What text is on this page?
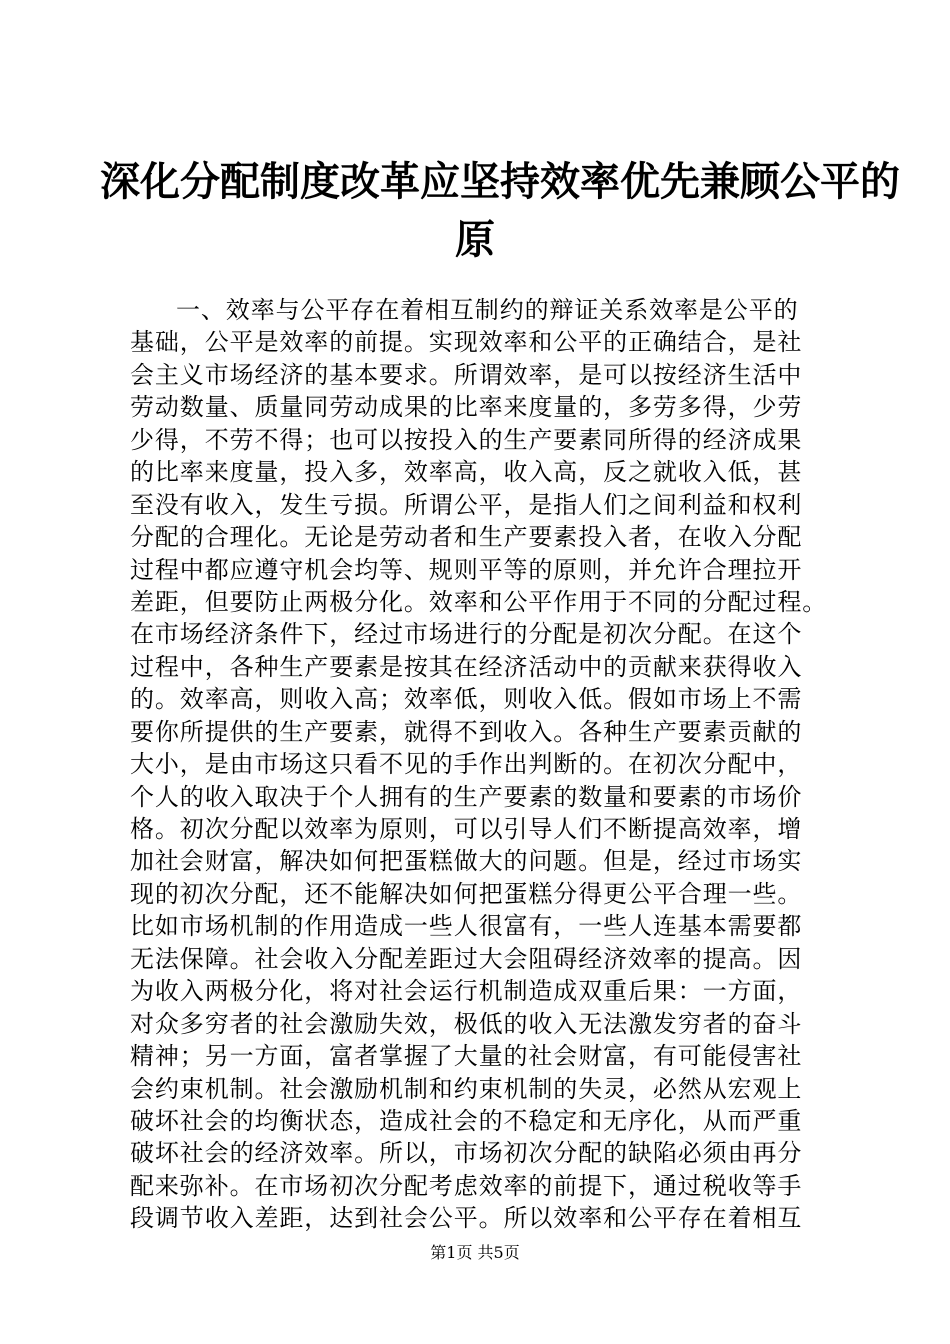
深化分配制度改革应坚持效率优先兼顾公平的
原
一、效率与公平存在着相互制约的辩证关系效率是公平的
基础，公平是效率的前提。实现效率和公平的正确结合，是社
会主义市场经济的基本要求。所谓效率，是可以按经济生活中
劳动数量、质量同劳动成果的比率来度量的，多劳多得，少劳
少得，不劳不得；也可以按投入的生产要素同所得的经济成果
的比率来度量，投入多，效率高，收入高，反之就收入低，甚
至没有收入，发生亏损。所谓公平，是指人们之间利益和权利
分配的合理化。无论是劳动者和生产要素投入者，在收入分配
过程中都应遵守机会均等、规则平等的原则，并允许合理拉开
差距，但要防止两极分化。效率和公平作用于不同的分配过程。
在市场经济条件下，经过市场进行的分配是初次分配。在这个
过程中，各种生产要素是按其在经济活动中的贡献来获得收入
的。效率高，则收入高；效率低，则收入低。假如市场上不需
要你所提供的生产要素，就得不到收入。各种生产要素贡献的
大小，是由市场这只看不见的手作出判断的。在初次分配中，
个人的收入取决于个人拥有的生产要素的数量和要素的市场价
格。初次分配以效率为原则，可以引导人们不断提高效率，增
加社会财富，解决如何把蛋糕做大的问题。但是，经过市场实
现的初次分配，还不能解决如何把蛋糕分得更公平合理一些。
比如市场机制的作用造成一些人很富有，一些人连基本需要都
无法保障。社会收入分配差距过大会阻碍经济效率的提高。因
为收入两极分化，将对社会运行机制造成双重后果：一方面，
对众多穷者的社会激励失效，极低的收入无法激发穷者的奋斗
精神；另一方面，富者掌握了大量的社会财富，有可能侵害社
会约束机制。社会激励机制和约束机制的失灵，必然从宏观上
破坏社会的均衡状态，造成社会的不稳定和无序化，从而严重
破坏社会的经济效率。所以，市场初次分配的缺陷必须由再分
配来弥补。在市场初次分配考虑效率的前提下，通过税收等手
段调节收入差距，达到社会公平。所以效率和公平存在着相互
第1页 共5页
